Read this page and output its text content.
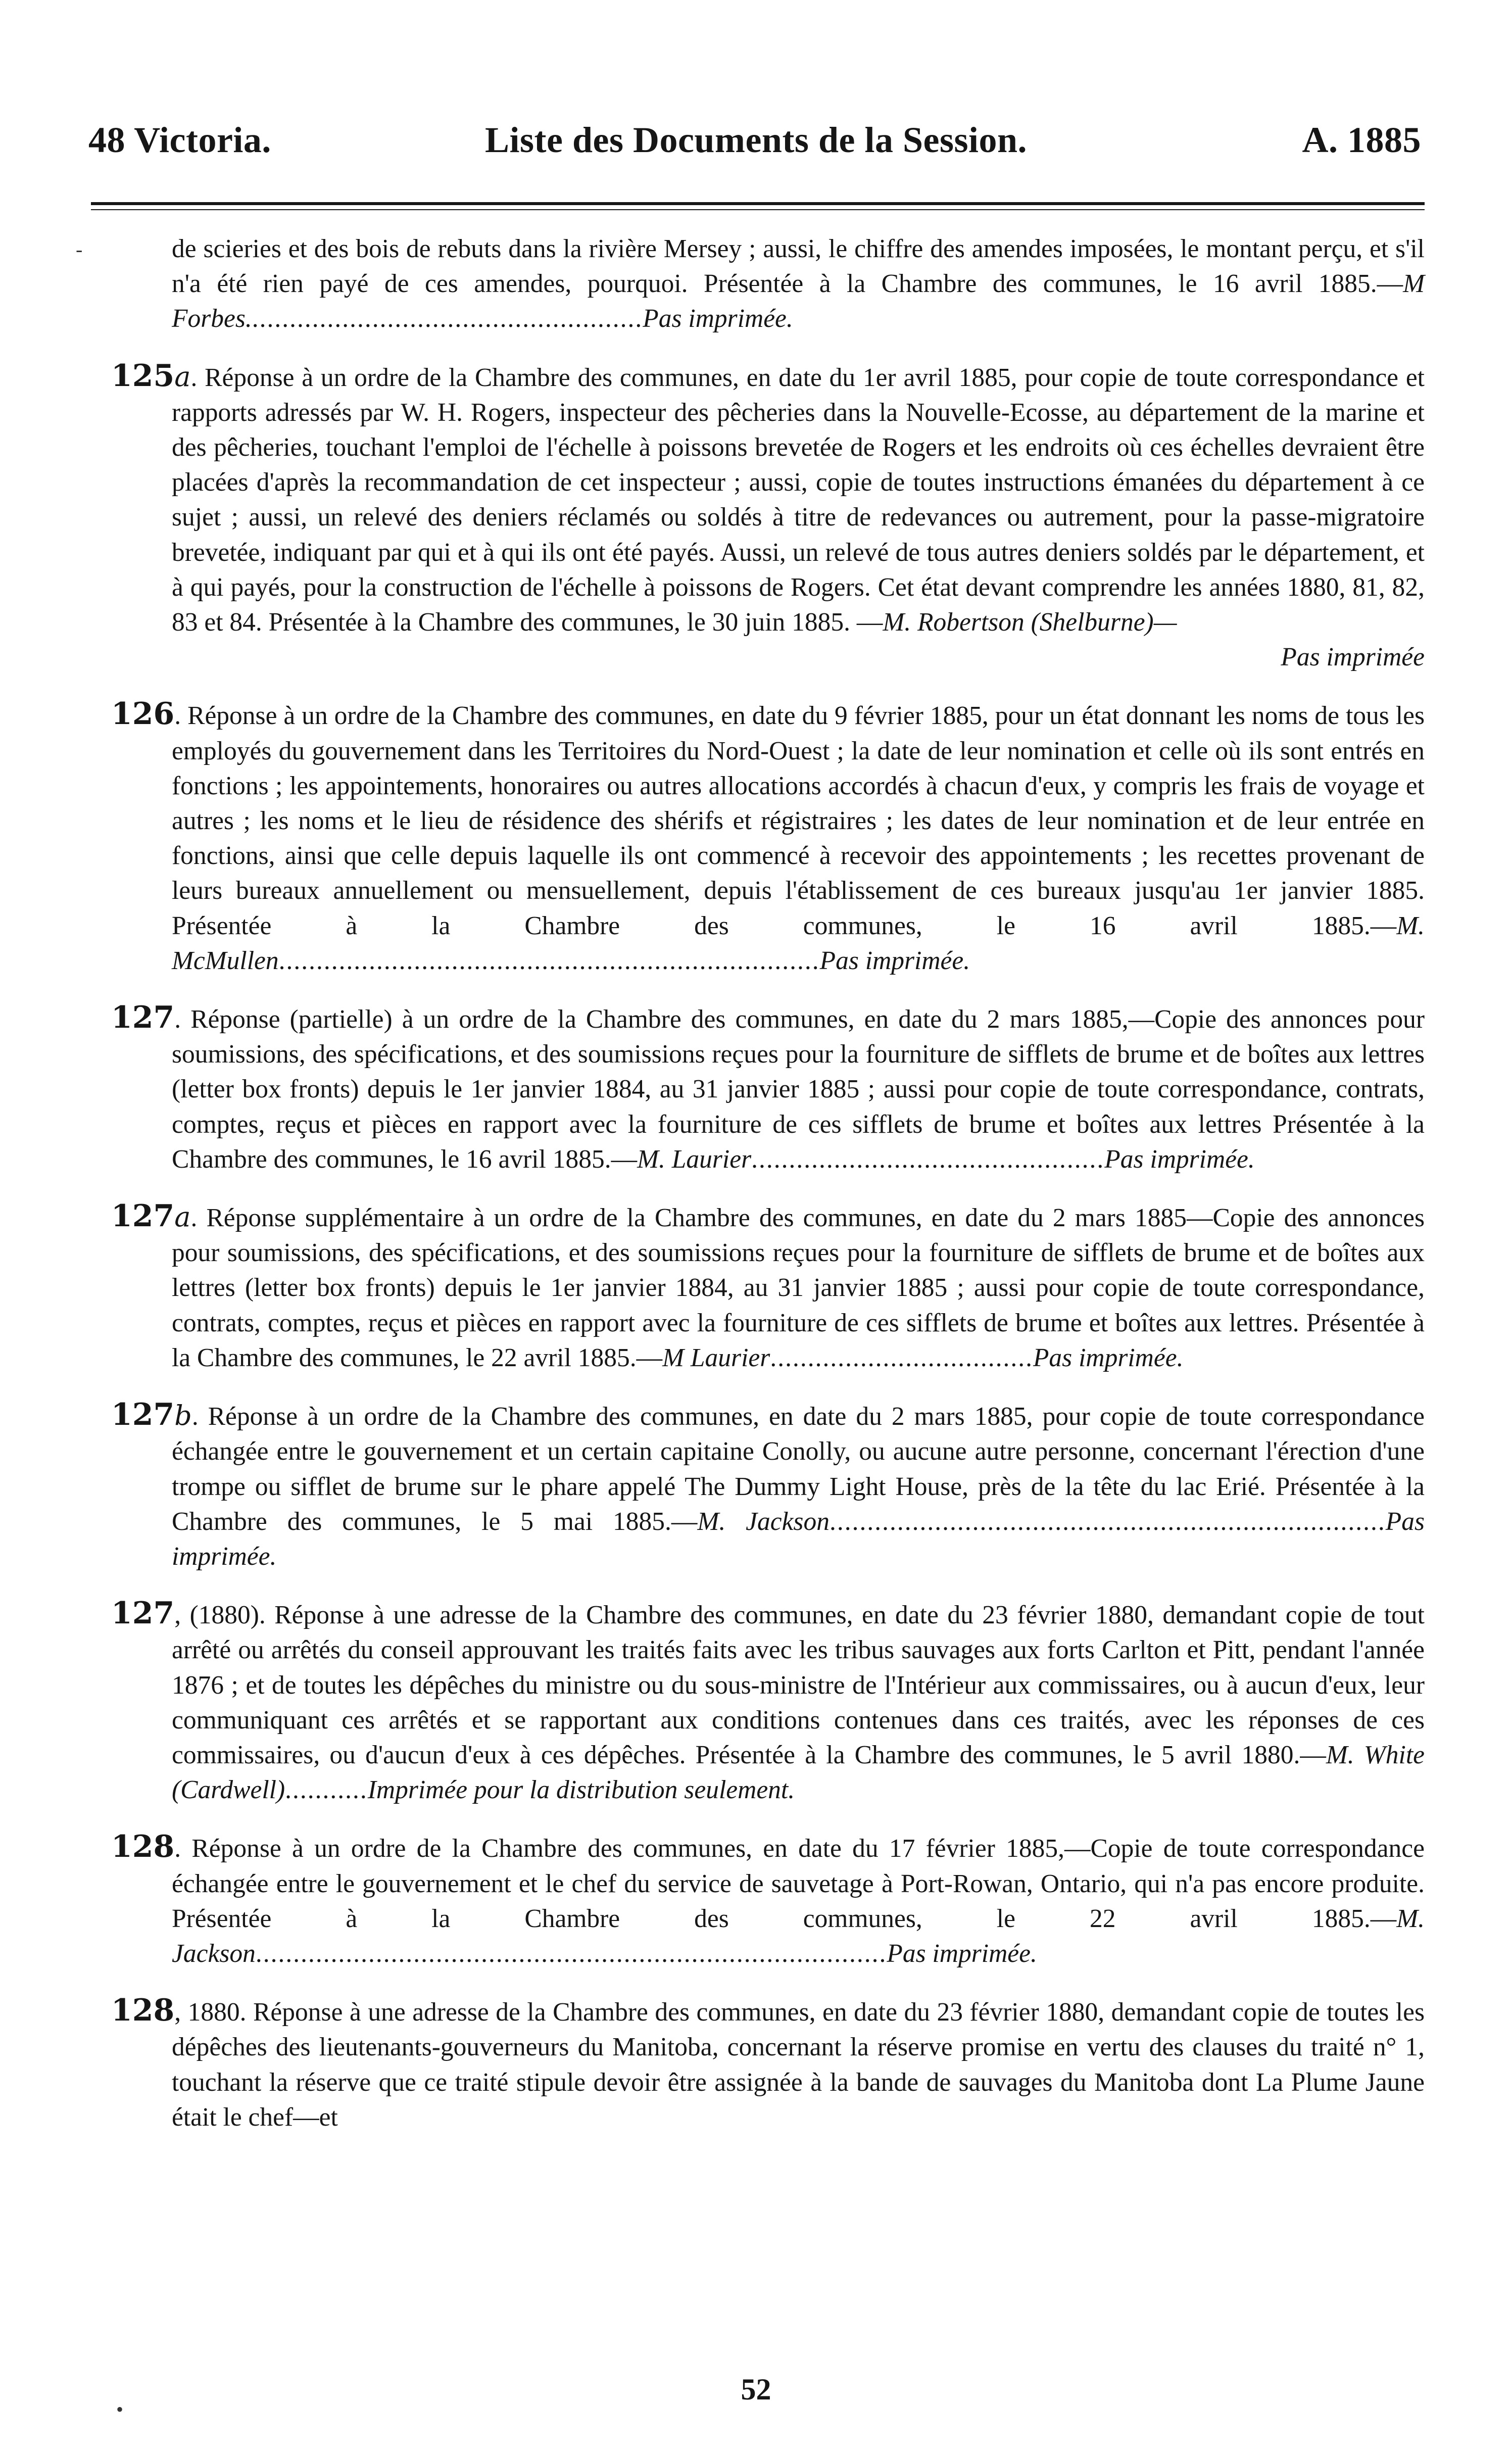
48 Victoria.	Liste des Documents de la Session.	A. 1885
de scieries et des bois de rebuts dans la rivière Mersey ; aussi, le chiffre des amendes imposées, le montant perçu, et s'il n'a été rien payé de ces amendes, pourquoi. Présentée à la Chambre des communes, le 16 avril 1885.—M Forbes.....................................................Pas imprimée.
125a. Réponse à un ordre de la Chambre des communes, en date du 1er avril 1885, pour copie de toute correspondance et rapports adressés par W. H. Rogers, inspecteur des pêcheries dans la Nouvelle-Ecosse, au département de la marine et des pêcheries, touchant l'emploi de l'échelle à poissons brevetée de Rogers et les endroits où ces échelles devraient être placées d'après la recommandation de cet inspecteur ; aussi, copie de toutes instructions émanées du département à ce sujet ; aussi, un relevé des deniers réclamés ou soldés à titre de redevances ou autrement, pour la passe-migratoire brevetée, indiquant par qui et à qui ils ont été payés. Aussi, un relevé de tous autres deniers soldés par le département, et à qui payés, pour la construction de l'échelle à poissons de Rogers. Cet état devant comprendre les années 1880, 81, 82, 83 et 84. Présentée à la Chambre des communes, le 30 juin 1885. —M. Robertson (Shelburne)—
Pas imprimée
126. Réponse à un ordre de la Chambre des communes, en date du 9 février 1885, pour un état donnant les noms de tous les employés du gouvernement dans les Territoires du Nord-Ouest ; la date de leur nomination et celle où ils sont entrés en fonctions ; les appointements, honoraires ou autres allocations accordés à chacun d'eux, y compris les frais de voyage et autres ; les noms et le lieu de résidence des shérifs et régistraires ; les dates de leur nomination et de leur entrée en fonctions, ainsi que celle depuis laquelle ils ont commencé à recevoir des appointements ; les recettes provenant de leurs bureaux annuellement ou mensuellement, depuis l'établissement de ces bureaux jusqu'au 1er janvier 1885. Présentée à la Chambre des communes, le 16 avril 1885.—M. McMullen........................................................................Pas imprimée.
127. Réponse (partielle) à un ordre de la Chambre des communes, en date du 2 mars 1885,—Copie des annonces pour soumissions, des spécifications, et des soumissions reçues pour la fourniture de sifflets de brume et de boîtes aux lettres (letter box fronts) depuis le 1er janvier 1884, au 31 janvier 1885 ; aussi pour copie de toute correspondance, contrats, comptes, reçus et pièces en rapport avec la fourniture de ces sifflets de brume et boîtes aux lettres Présentée à la Chambre des communes, le 16 avril 1885.—M. Laurier...............................................Pas imprimée.
127a. Réponse supplémentaire à un ordre de la Chambre des communes, en date du 2 mars 1885—Copie des annonces pour soumissions, des spécifications, et des soumissions reçues pour la fourniture de sifflets de brume et de boîtes aux lettres (letter box fronts) depuis le 1er janvier 1884, au 31 janvier 1885 ; aussi pour copie de toute correspondance, contrats, comptes, reçus et pièces en rapport avec la fourniture de ces sifflets de brume et boîtes aux lettres. Présentée à la Chambre des communes, le 22 avril 1885.—M Laurier...................................Pas imprimée.
127b. Réponse à un ordre de la Chambre des communes, en date du 2 mars 1885, pour copie de toute correspondance échangée entre le gouvernement et un certain capitaine Conolly, ou aucune autre personne, concernant l'érection d'une trompe ou sifflet de brume sur le phare appelé The Dummy Light House, près de la tête du lac Erié. Présentée à la Chambre des communes, le 5 mai 1885.—M. Jackson..........................................................................Pas imprimée.
127, (1880). Réponse à une adresse de la Chambre des communes, en date du 23 février 1880, demandant copie de tout arrêté ou arrêtés du conseil approuvant les traités faits avec les tribus sauvages aux forts Carlton et Pitt, pendant l'année 1876 ; et de toutes les dépêches du ministre ou du sous-ministre de l'Intérieur aux commissaires, ou à aucun d'eux, leur communiquant ces arrêtés et se rapportant aux conditions contenues dans ces traités, avec les réponses de ces commissaires, ou d'aucun d'eux à ces dépêches. Présentée à la Chambre des communes, le 5 avril 1880.—M. White (Cardwell)...........Imprimée pour la distribution seulement.
128. Réponse à un ordre de la Chambre des communes, en date du 17 février 1885,—Copie de toute correspondance échangée entre le gouvernement et le chef du service de sauvetage à Port-Rowan, Ontario, qui n'a pas encore produite. Présentée à la Chambre des communes, le 22 avril 1885.—M. Jackson....................................................................................Pas imprimée.
128, 1880. Réponse à une adresse de la Chambre des communes, en date du 23 février 1880, demandant copie de toutes les dépêches des lieutenants-gouverneurs du Manitoba, concernant la réserve promise en vertu des clauses du traité n° 1, touchant la réserve que ce traité stipule devoir être assignée à la bande de sauvages du Manitoba dont La Plume Jaune était le chef—et
52
-
•
